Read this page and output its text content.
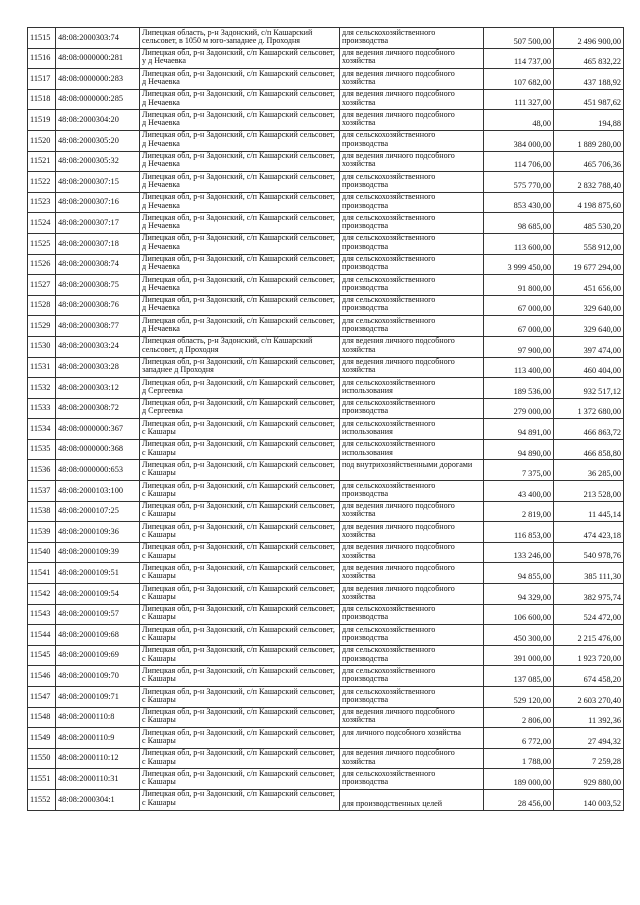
11515	48:08:2000303:74	Липецкая область, р-н Задонский, с/п Кашарский сельсовет, в 1050 м юго-западнее д. Проходня	для сельскохозяйственного производства	507 500,00	2 496 900,00
11516	48:08:0000000:281	Липецкая обл, р-н Задонский, с/п Кашарский сельсовет, у д Нечаевка	для ведения личного подсобного хозяйства	114 737,00	465 832,22
11517	48:08:0000000:283	Липецкая обл, р-н Задонский, с/п Кашарский сельсовет, д Нечаевка	для ведения личного подсобного хозяйства	107 682,00	437 188,92
11518	48:08:0000000:285	Липецкая обл, р-н Задонский, с/п Кашарский сельсовет, д Нечаевка	для ведения личного подсобного хозяйства	111 327,00	451 987,62
11519	48:08:2000304:20	Липецкая обл, р-н Задонский, с/п Кашарский сельсовет, д Нечаевка	для ведения личного подсобного хозяйства	48,00	194,88
11520	48:08:2000305:20	Липецкая обл, р-н Задонский, с/п Кашарский сельсовет, д Нечаевка	для сельскохозяйственного производства	384 000,00	1 889 280,00
11521	48:08:2000305:32	Липецкая обл, р-н Задонский, с/п Кашарский сельсовет, д Нечаевка	для ведения личного подсобного хозяйства	114 706,00	465 706,36
11522	48:08:2000307:15	Липецкая обл, р-н Задонский, с/п Кашарский сельсовет, д Нечаевка	для сельскохозяйственного производства	575 770,00	2 832 788,40
11523	48:08:2000307:16	Липецкая обл, р-н Задонский, с/п Кашарский сельсовет, д Нечаевка	для сельскохозяйственного производства	853 430,00	4 198 875,60
11524	48:08:2000307:17	Липецкая обл, р-н Задонский, с/п Кашарский сельсовет, д Нечаевка	для сельскохозяйственного производства	98 685,00	485 530,20
11525	48:08:2000307:18	Липецкая обл, р-н Задонский, с/п Кашарский сельсовет, д Нечаевка	для сельскохозяйственного производства	113 600,00	558 912,00
11526	48:08:2000308:74	Липецкая обл, р-н Задонский, с/п Кашарский сельсовет, д Нечаевка	для сельскохозяйственного производства	3 999 450,00	19 677 294,00
11527	48:08:2000308:75	Липецкая обл, р-н Задонский, с/п Кашарский сельсовет, д Нечаевка	для сельскохозяйственного производства	91 800,00	451 656,00
11528	48:08:2000308:76	Липецкая обл, р-н Задонский, с/п Кашарский сельсовет, д Нечаевка	для сельскохозяйственного производства	67 000,00	329 640,00
11529	48:08:2000308:77	Липецкая обл, р-н Задонский, с/п Кашарский сельсовет, д Нечаевка	для сельскохозяйственного производства	67 000,00	329 640,00
11530	48:08:2000303:24	Липецкая область, р-н Задонский, с/п Кашарский сельсовет, д Проходня	для ведения личного подсобного хозяйства	97 900,00	397 474,00
11531	48:08:2000303:28	Липецкая обл, р-н Задонский, с/п Кашарский сельсовет, западнее д Проходня	для ведения личного подсобного хозяйства	113 400,00	460 404,00
11532	48:08:2000303:12	Липецкая обл, р-н Задонский, с/п Кашарский сельсовет, д Сергеевка	для сельскохозяйственного использования	189 536,00	932 517,12
11533	48:08:2000308:72	Липецкая обл, р-н Задонский, с/п Кашарский сельсовет, д Сергеевка	для сельскохозяйственного производства	279 000,00	1 372 680,00
11534	48:08:0000000:367	Липецкая обл, р-н Задонский, с/п Кашарский сельсовет, с Кашары	для сельскохозяйственного использования	94 891,00	466 863,72
11535	48:08:0000000:368	Липецкая обл, р-н Задонский, с/п Кашарский сельсовет, с Кашары	для сельскохозяйственного использования	94 890,00	466 858,80
11536	48:08:0000000:653	Липецкая обл, р-н Задонский, с/п Кашарский сельсовет, с Кашары	под внутрихозяйственными дорогами	7 375,00	36 285,00
11537	48:08:2000103:100	Липецкая обл, р-н Задонский, с/п Кашарский сельсовет, с Кашары	для сельскохозяйственного производства	43 400,00	213 528,00
11538	48:08:2000107:25	Липецкая обл, р-н Задонский, с/п Кашарский сельсовет, с Кашары	для ведения личного подсобного хозяйства	2 819,00	11 445,14
11539	48:08:2000109:36	Липецкая обл, р-н Задонский, с/п Кашарский сельсовет, с Кашары	для ведения личного подсобного хозяйства	116 853,00	474 423,18
11540	48:08:2000109:39	Липецкая обл, р-н Задонский, с/п Кашарский сельсовет, с Кашары	для ведения личного подсобного хозяйства	133 246,00	540 978,76
11541	48:08:2000109:51	Липецкая обл, р-н Задонский, с/п Кашарский сельсовет, с Кашары	для ведения личного подсобного хозяйства	94 855,00	385 111,30
11542	48:08:2000109:54	Липецкая обл, р-н Задонский, с/п Кашарский сельсовет, с Кашары	для ведения личного подсобного хозяйства	94 329,00	382 975,74
11543	48:08:2000109:57	Липецкая обл, р-н Задонский, с/п Кашарский сельсовет, с Кашары	для сельскохозяйственного производства	106 600,00	524 472,00
11544	48:08:2000109:68	Липецкая обл, р-н Задонский, с/п Кашарский сельсовет, с Кашары	для сельскохозяйственного производства	450 300,00	2 215 476,00
11545	48:08:2000109:69	Липецкая обл, р-н Задонский, с/п Кашарский сельсовет, с Кашары	для сельскохозяйственного производства	391 000,00	1 923 720,00
11546	48:08:2000109:70	Липецкая обл, р-н Задонский, с/п Кашарский сельсовет, с Кашары	для сельскохозяйственного производства	137 085,00	674 458,20
11547	48:08:2000109:71	Липецкая обл, р-н Задонский, с/п Кашарский сельсовет, с Кашары	для сельскохозяйственного производства	529 120,00	2 603 270,40
11548	48:08:2000110:8	Липецкая обл, р-н Задонский, с/п Кашарский сельсовет, с Кашары	для ведения личного подсобного хозяйства	2 806,00	11 392,36
11549	48:08:2000110:9	Липецкая обл, р-н Задонский, с/п Кашарский сельсовет, с Кашары	для личного подсобного хозяйства	6 772,00	27 494,32
11550	48:08:2000110:12	Липецкая обл, р-н Задонский, с/п Кашарский сельсовет, с Кашары	для ведения личного подсобного хозяйства	1 788,00	7 259,28
11551	48:08:2000110:31	Липецкая обл, р-н Задонский, с/п Кашарский сельсовет, с Кашары	для сельскохозяйственного производства	189 000,00	929 880,00
11552	48:08:2000304:1	Липецкая обл, р-н Задонский, с/п Кашарский сельсовет, с Кашары	для производственных целей	28 456,00	140 003,52
